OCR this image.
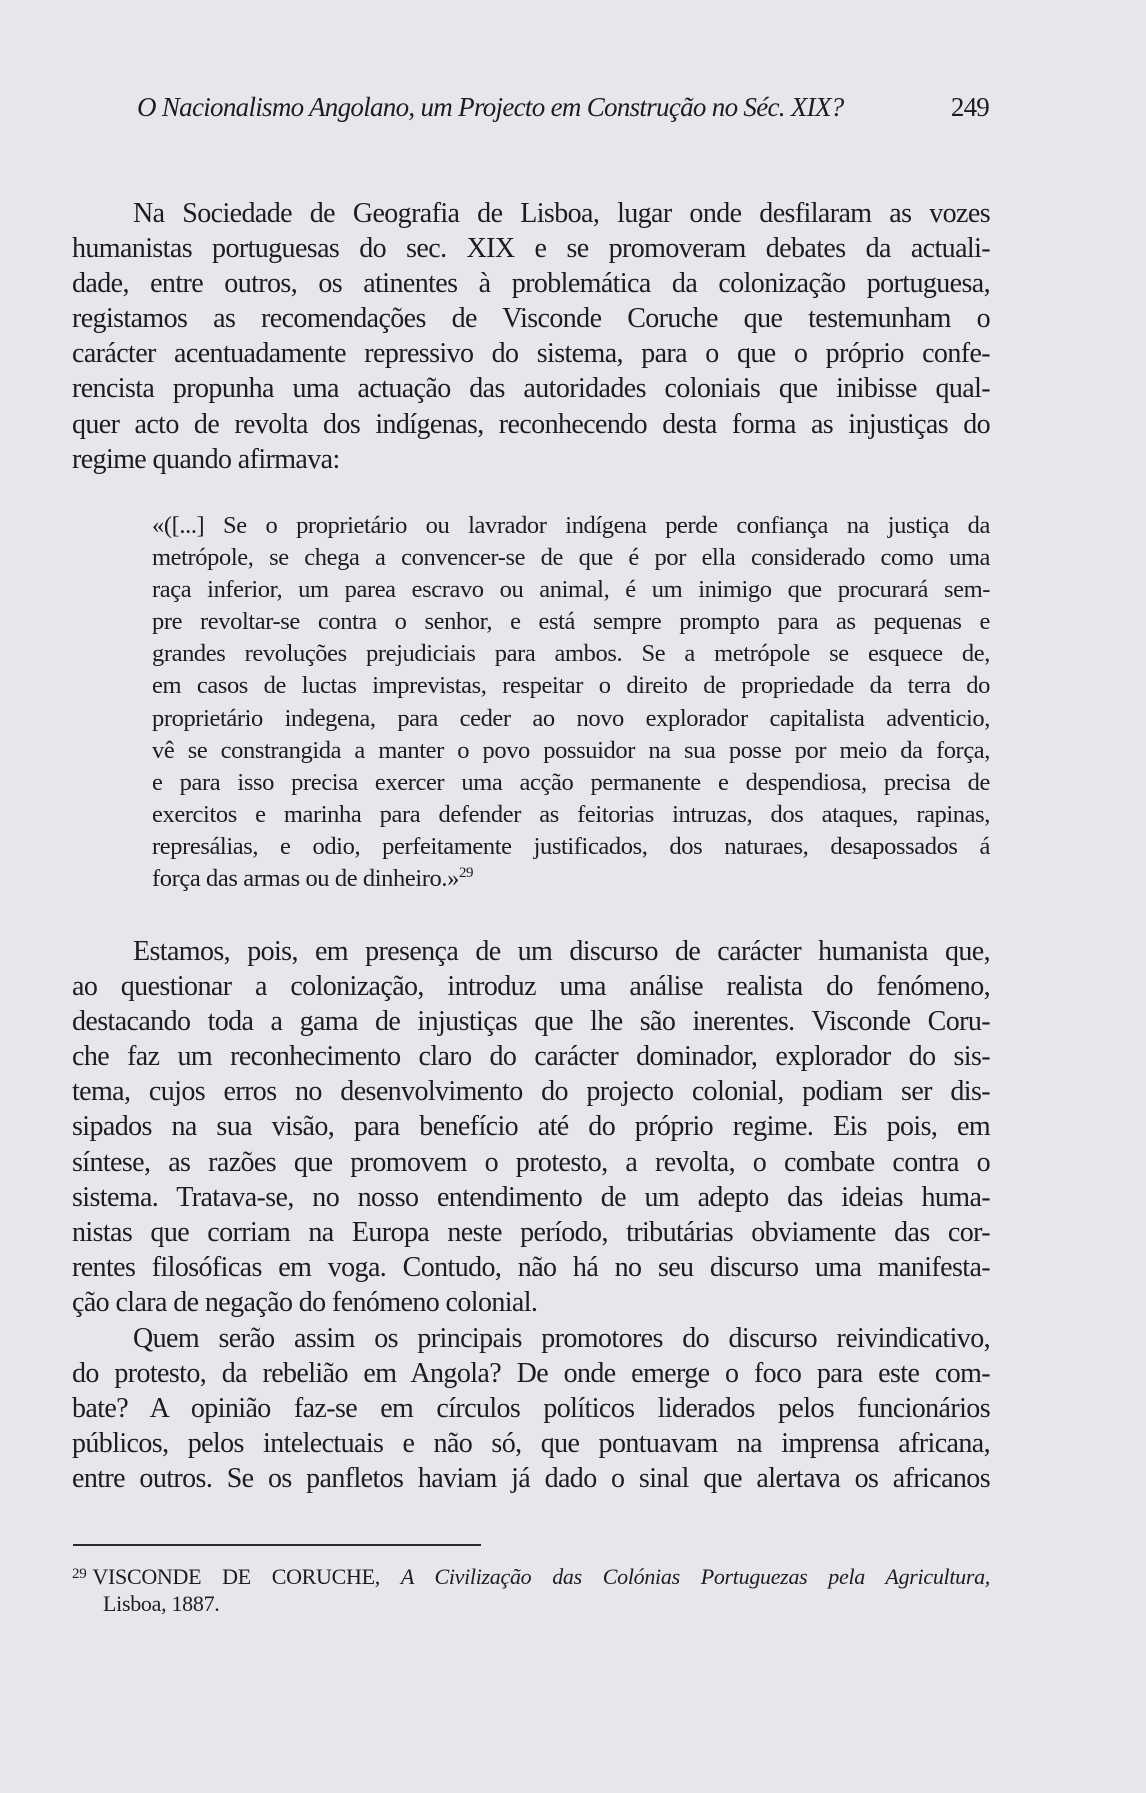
O Nacionalismo Angolano, um Projecto em Construção no Séc. XIX?	249
Na Sociedade de Geografia de Lisboa, lugar onde desfilaram as vozes
humanistas portuguesas do sec. XIX e se promoveram debates da actuali-
dade, entre outros, os atinentes à problemática da colonização portuguesa,
registamos as recomendações de Visconde Coruche que testemunham o
carácter acentuadamente repressivo do sistema, para o que o próprio confe-
rencista propunha uma actuação das autoridades coloniais que inibisse qual-
quer acto de revolta dos indígenas, reconhecendo desta forma as injustiças do
regime quando afirmava:
«([...] Se o proprietário ou lavrador indígena perde confiança na justiça da
metrópole, se chega a convencer-se de que é por ella considerado como uma
raça inferior, um parea escravo ou animal, é um inimigo que procurará sem-
pre revoltar-se contra o senhor, e está sempre prompto para as pequenas e
grandes revoluções prejudiciais para ambos. Se a metrópole se esquece de,
em casos de luctas imprevistas, respeitar o direito de propriedade da terra do
proprietário indegena, para ceder ao novo explorador capitalista adventicio,
vê se constrangida a manter o povo possuidor na sua posse por meio da força,
e para isso precisa exercer uma acção permanente e despendiosa, precisa de
exercitos e marinha para defender as feitorias intruzas, dos ataques, rapinas,
represálias, e odio, perfeitamente justificados, dos naturaes, desapossados á
força das armas ou de dinheiro.»$^{29}$
Estamos, pois, em presença de um discurso de carácter humanista que,
ao questionar a colonização, introduz uma análise realista do fenómeno,
destacando toda a gama de injustiças que lhe são inerentes. Visconde Coru-
che faz um reconhecimento claro do carácter dominador, explorador do sis-
tema, cujos erros no desenvolvimento do projecto colonial, podiam ser dis-
sipados na sua visão, para benefício até do próprio regime. Eis pois, em
síntese, as razões que promovem o protesto, a revolta, o combate contra o
sistema. Tratava-se, no nosso entendimento de um adepto das ideias huma-
nistas que corriam na Europa neste período, tributárias obviamente das cor-
rentes filosóficas em voga. Contudo, não há no seu discurso uma manifesta-
ção clara de negação do fenómeno colonial.
Quem serão assim os principais promotores do discurso reivindicativo,
do protesto, da rebelião em Angola? De onde emerge o foco para este com-
bate? A opinião faz-se em círculos políticos liderados pelos funcionários
públicos, pelos intelectuais e não só, que pontuavam na imprensa africana,
entre outros. Se os panfletos haviam já dado o sinal que alertava os africanos
$^{29}$ VISCONDE DE CORUCHE, A Civilização das Colónias Portuguezas pela Agricultura,
Lisboa, 1887.
